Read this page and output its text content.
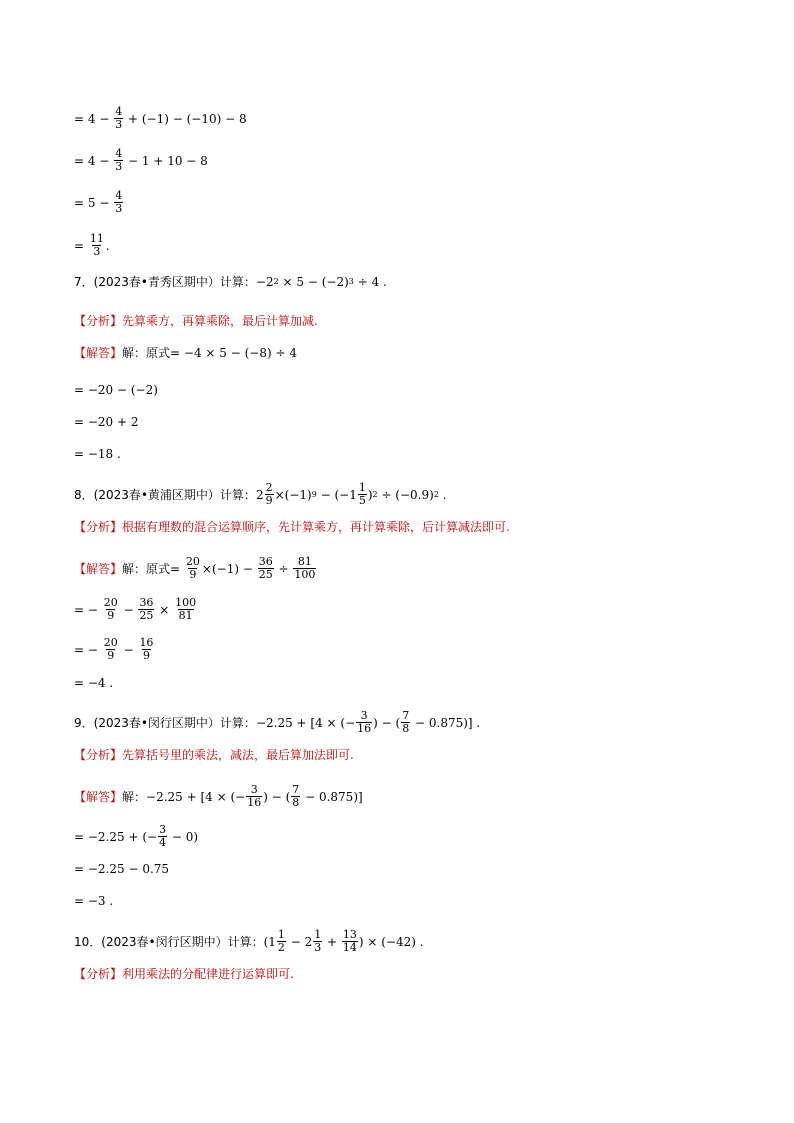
= $4 - \frac{4}{3} + (-1) - (-10) - 8$
= $4 - \frac{4}{3} - 1 + 10 - 8$
= $5 - \frac{4}{3}$
= $\frac{11}{3}$ .
7．(2023春•青秀区期中）计算： −2 2 × 5 − (−2) 3 ÷ 4 .
【分析】 先算乘方，再算乘除，最后计算加减.
【解答】 解：原式 = −4 × 5 − (−8) ÷ 4
= −20 − (−2)
= −20 + 2
= −18 .
8．(2023春•黄浦区期中）计算： $2 \frac{2}{9} \times(-1) 9 - (-1 \frac{1}{5}$ ) 2 ÷ (−0.9) 2 .
【分析】 根据有理数的混合运算顺序，先计算乘方，再计算乘除，后计算减法即可.
【解答】 解：原式 = $\frac{20}{9} \times(-1) - \frac{36}{25} \div \frac{81}{100}$
= − $\frac{20}{9} - \frac{36}{25} \times \frac{100}{81}$
= − $\frac{20}{9} - \frac{16}{9}$
= −4 .
9．(2023春•闵行区期中）计算： −2.25 + [4 × (− $\frac{3}{16}$ ) − ( $\frac{7}{8} - 0.875$)] .
【分析】 先算括号里的乘法，减法，最后算加法即可.
【解答】 解： −2.25 + [4 × (− $\frac{3}{16}$ ) − ( $\frac{7}{8} - 0.875$)]
= −2.25 + (− $\frac{3}{4} - 0$)
= −2.25 − 0.75
= −3 .
10．(2023春•闵行区期中）计算： ($1 \frac{1}{2} - 2 \frac{1}{3} + \frac{13}{14}$ ) × (−42) .
【分析】 利用乘法的分配律进行运算即可.
